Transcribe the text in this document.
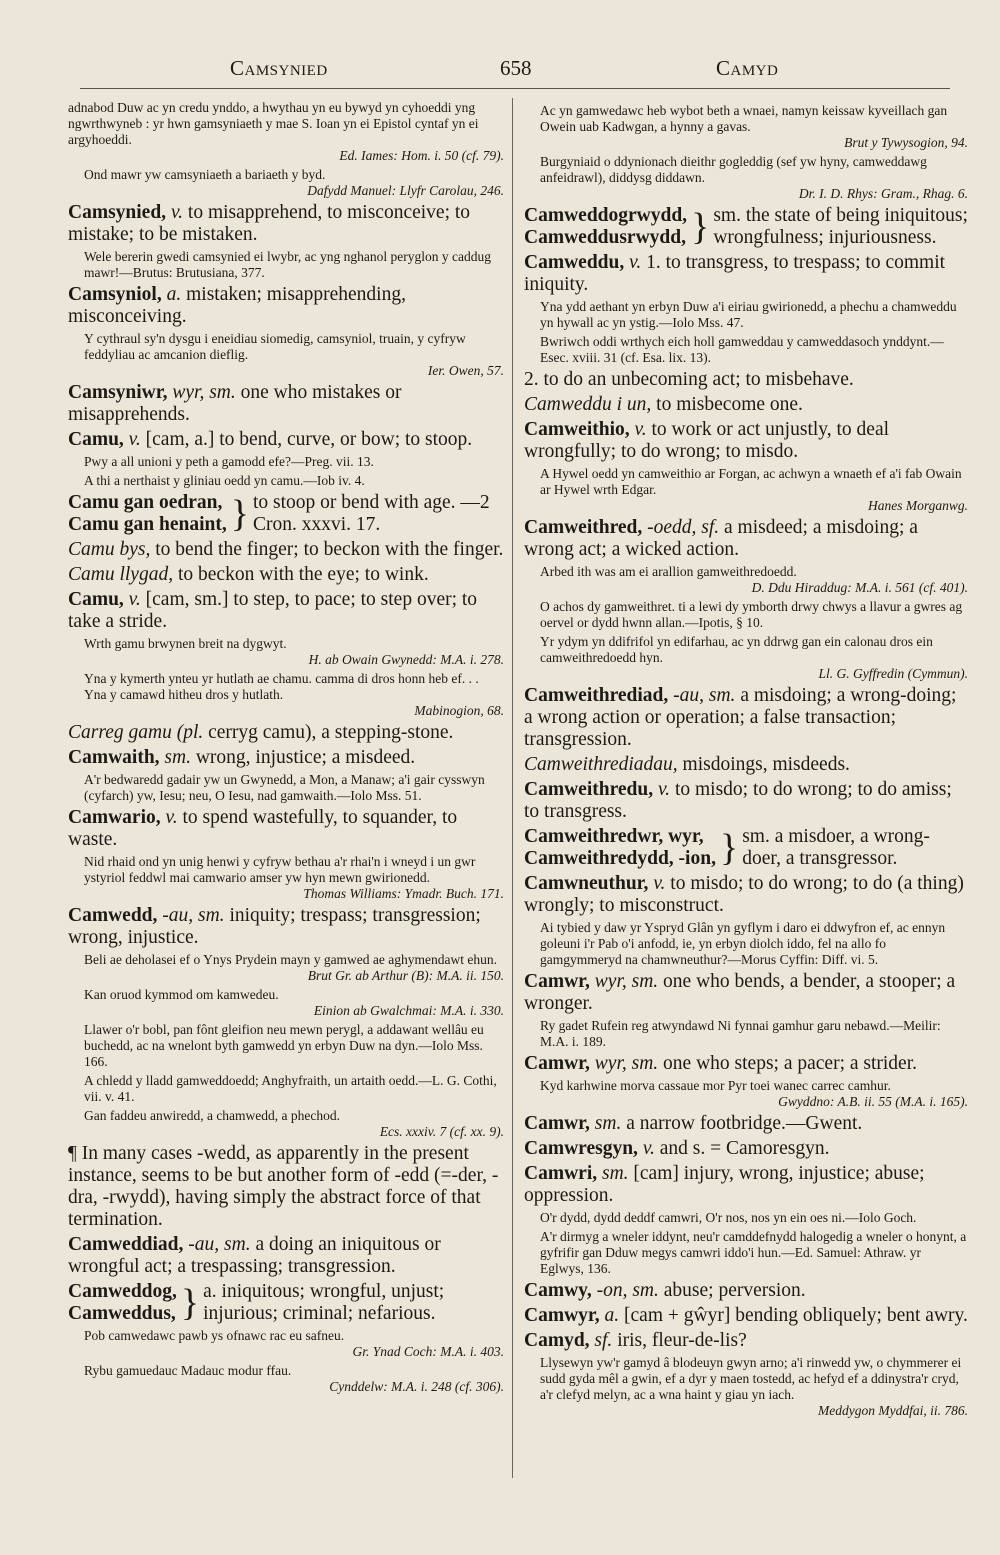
Camsynied	658	Camyd
adnabod Duw ac yn credu ynddo, a hwythau yn eu bywyd yn cyhoeddi yng ngwrthwyneb : yr hwn gamsyniaeth y mae S. Ioan yn ei Epistol cyntaf yn ei argyhoeddi.
Ed. Iames: Hom. i. 50 (cf. 79).
Ond mawr yw camsyniaeth a bariaeth y byd.
Dafydd Manuel: Llyfr Carolau, 246.
Camsynied, v. to misapprehend, to misconceive; to mistake; to be mistaken.
Wele bererin gwedi camsynied ei lwybr, ac yng nghanol peryglon y caddug mawr!—Brutus: Brutusiana, 377.
Camsyniol, a. mistaken; misapprehending, misconceiving.
Y cythraul sy'n dysgu i eneidiau siomedig, camsyniol, truain, y cyfryw feddyliau ac amcanion dieflig.
Ier. Owen, 57.
Camsyniwr, wyr, sm. one who mistakes or misapprehends.
Camu, v. [cam, a.] to bend, curve, or bow; to stoop.
Pwy a all unioni y peth a gamodd efe?—Preg. vii. 13.
A thi a nerthaist y gliniau oedd yn camu.—Iob iv. 4.
Camu gan oedran,
Camu gan henaint, } to stoop or bend with age. —2 Cron. xxxvi. 17.
Camu bys, to bend the finger; to beckon with the finger.
Camu llygad, to beckon with the eye; to wink.
Camu, v. [cam, sm.] to step, to pace; to step over; to take a stride.
Wrth gamu brwynen breit na dygwyt.
H. ab Owain Gwynedd: M.A. i. 278.
Yna y kymerth ynteu yr hutlath ae chamu. camma di dros honn heb ef. . . Yna y camawd hitheu dros y hutlath.
Mabinogion, 68.
Carreg gamu (pl. cerryg camu), a stepping-stone.
Camwaith, sm. wrong, injustice; a misdeed.
A'r bedwaredd gadair yw un Gwynedd, a Mon, a Manaw; a'i gair cysswyn (cyfarch) yw, Iesu; neu, O Iesu, nad gamwaith.—Iolo Mss. 51.
Camwario, v. to spend wastefully, to squander, to waste.
Nid rhaid ond yn unig henwi y cyfryw bethau a'r rhai'n i wneyd i un gwr ystyriol feddwl mai camwario amser yw hyn mewn gwirionedd.
Thomas Williams: Ymadr. Buch. 171.
Camwedd, -au, sm. iniquity; trespass; transgression; wrong, injustice.
Beli ae deholasei ef o Ynys Prydein mayn y gamwed ae aghymendawt ehun.
Brut Gr. ab Arthur (B): M.A. ii. 150.
Kan oruod kymmod om kamwedeu.
Einion ab Gwalchmai: M.A. i. 330.
Llawer o'r bobl, pan fônt gleifion neu mewn perygl, a addawant wellâu eu buchedd, ac na wnelont byth gamwedd yn erbyn Duw na dyn.—Iolo Mss. 166.
A chledd y lladd gamweddoedd; Anghyfraith, un artaith oedd.—L. G. Cothi, vii. v. 41.
Gan faddeu anwiredd, a chamwedd, a phechod.
Ecs. xxxiv. 7 (cf. xx. 9).
¶ In many cases -wedd, as apparently in the present instance, seems to be but another form of -edd (=-der, -dra, -rwydd), having simply the abstract force of that termination.
Camweddiad, -au, sm. a doing an iniquitous or wrongful act; a trespassing; transgression.
Camweddog,
Camweddus, } a. iniquitous; wrongful, unjust; injurious; criminal; nefarious.
Pob camwedawc pawb ys ofnawc rac eu safneu.
Gr. Ynad Coch: M.A. i. 403.
Rybu gamuedauc Madauc modur ffau.
Cynddelw: M.A. i. 248 (cf. 306).
Ac yn gamwedawc heb wybot beth a wnaei, namyn keissaw kyveillach gan Owein uab Kadwgan, a hynny a gavas.
Brut y Tywysogion, 94.
Burgyniaid o ddynionach dieithr gogleddig (sef yw hyny, camweddawg anfeidrawl), diddysg diddawn.
Dr. I. D. Rhys: Gram., Rhag. 6.
Camweddogrwydd,
Camweddusrwydd, } sm. the state of being iniquitous; wrongfulness; injuriousness.
Camweddu, v. 1. to transgress, to trespass; to commit iniquity.
Yna ydd aethant yn erbyn Duw a'i eiriau gwirionedd, a phechu a chamweddu yn hywall ac yn ystig.—Iolo Mss. 47.
Bwriwch oddi wrthych eich holl gamweddau y camweddasoch ynddynt.—Esec. xviii. 31 (cf. Esa. lix. 13).
2. to do an unbecoming act; to misbehave.
Camweddu i un, to misbecome one.
Camweithio, v. to work or act unjustly, to deal wrongfully; to do wrong; to misdo.
A Hywel oedd yn camweithio ar Forgan, ac achwyn a wnaeth ef a'i fab Owain ar Hywel wrth Edgar.
Hanes Morganwg.
Camweithred, -oedd, sf. a misdeed; a misdoing; a wrong act; a wicked action.
Arbed ith was am ei arallion gamweithredoedd.
D. Ddu Hiraddug: M.A. i. 561 (cf. 401).
O achos dy gamweithret. ti a lewi dy ymborth drwy chwys a llavur a gwres ag oervel or dydd hwnn allan.—Ipotis, § 10.
Yr ydym yn ddifrifol yn edifarhau, ac yn ddrwg gan ein calonau dros ein camweithredoedd hyn.
Ll. G. Gyffredin (Cymmun).
Camweithrediad, -au, sm. a misdoing; a wrong-doing; a wrong action or operation; a false transaction; transgression.
Camweithrediadau, misdoings, misdeeds.
Camweithredu, v. to misdo; to do wrong; to do amiss; to transgress.
Camweithredwr, wyr,
Camweithredydd, -ion, } sm. a misdoer, a wrong-doer, a transgressor.
Camwneuthur, v. to misdo; to do wrong; to do (a thing) wrongly; to misconstruct.
Ai tybied y daw yr Yspryd Glân yn gyflym i daro ei ddwyfron ef, ac ennyn goleuni i'r Pab o'i anfodd, ie, yn erbyn diolch iddo, fel na allo fo gamgymmeryd na chamwneuthur?—Morus Cyffin: Diff. vi. 5.
Camwr, wyr, sm. one who bends, a bender, a stooper; a wronger.
Ry gadet Rufein reg atwyndawd Ni fynnai gamhur garu nebawd.—Meilir: M.A. i. 189.
Camwr, wyr, sm. one who steps; a pacer; a strider.
Kyd karhwine morva cassaue mor Pyr toei wanec carrec camhur.
Gwyddno: A.B. ii. 55 (M.A. i. 165).
Camwr, sm. a narrow footbridge.—Gwent.
Camwresgyn, v. and s. = Camoresgyn.
Camwri, sm. [cam] injury, wrong, injustice; abuse; oppression.
O'r dydd, dydd deddf camwri, O'r nos, nos yn ein oes ni.—Iolo Goch.
A'r dirmyg a wneler iddynt, neu'r camddefnydd halogedig a wneler o honynt, a gyfrifir gan Dduw megys camwri iddo'i hun.—Ed. Samuel: Athraw. yr Eglwys, 136.
Camwy, -on, sm. abuse; perversion.
Camwyr, a. [cam + gŵyr] bending obliquely; bent awry.
Camyd, sf. iris, fleur-de-lis?
Llysewyn yw'r gamyd â blodeuyn gwyn arno; a'i rinwedd yw, o chymmerer ei sudd gyda mêl a gwin, ef a dyr y maen tostedd, ac hefyd ef a ddinystra'r cryd, a'r clefyd melyn, ac a wna haint y giau yn iach.
Meddygon Myddfai, ii. 786.
